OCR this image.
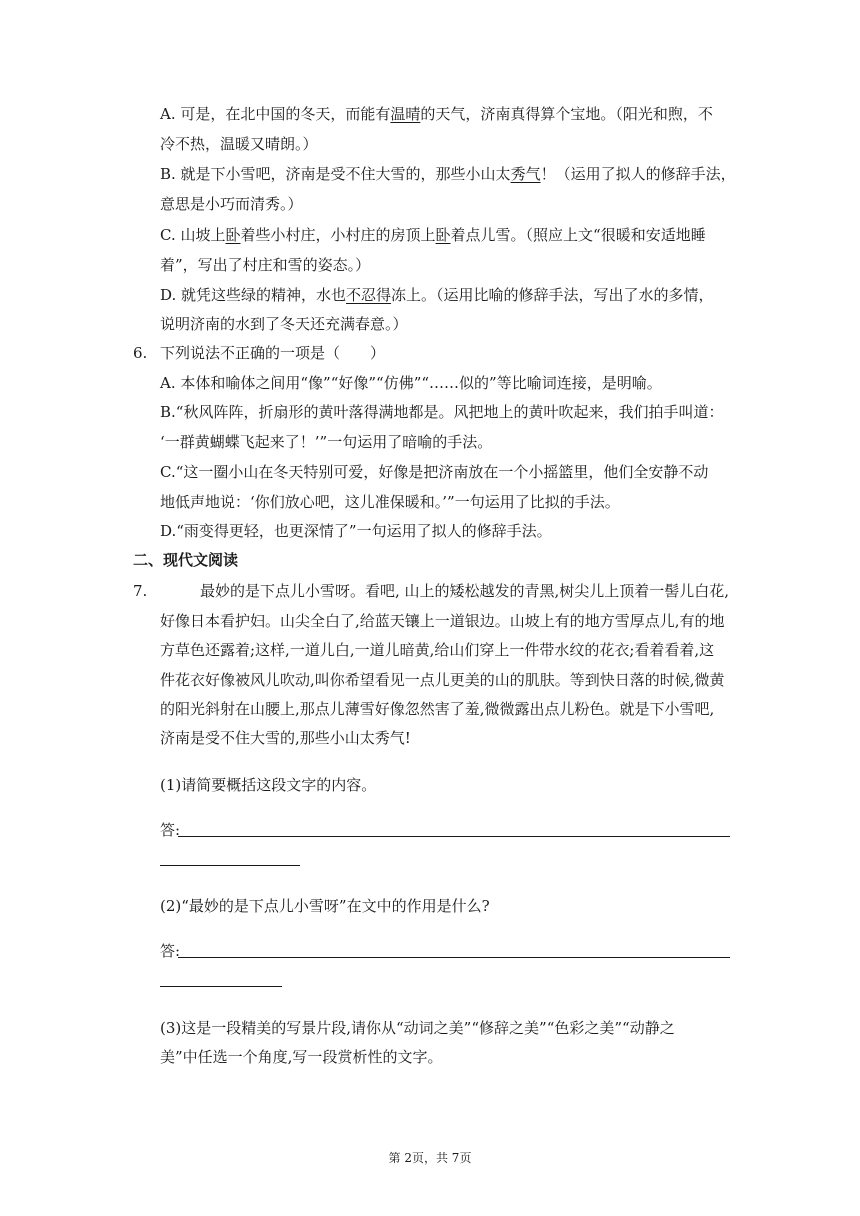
A. 可是，在北中国的冬天，而能有温晴的天气，济南真得算个宝地。（阳光和煦，不
冷不热，温暖又晴朗。）
B. 就是下小雪吧，济南是受不住大雪的，那些小山太秀气！（运用了拟人的修辞手法，
意思是小巧而清秀。）
C. 山坡上卧着些小村庄，小村庄的房顶上卧着点儿雪。（照应上文“很暖和安适地睡
着”，写出了村庄和雪的姿态。）
D. 就凭这些绿的精神，水也不忍得冻上。（运用比喻的修辞手法，写出了水的多情，
说明济南的水到了冬天还充满春意。）
6. 下列说法不正确的一项是（　　）
A. 本体和喻体之间用“像”“好像”“仿佛”“……似的”等比喻词连接，是明喻。
B.“秋风阵阵，折扇形的黄叶落得满地都是。风把地上的黄叶吹起来，我们拍手叫道：
‘一群黄蝴蝶飞起来了！’”一句运用了暗喻的手法。
C.“这一圈小山在冬天特别可爱，好像是把济南放在一个小摇篮里，他们全安静不动
地低声地说：‘你们放心吧，这儿准保暖和。’”一句运用了比拟的手法。
D.“雨变得更轻，也更深情了”一句运用了拟人的修辞手法。
二、现代文阅读
7.	最妙的是下点儿小雪呀。看吧, 山上的矮松越发的青黑,树尖儿上顶着一髻儿白花,
好像日本看护妇。山尖全白了,给蓝天镶上一道银边。山坡上有的地方雪厚点儿,有的地
方草色还露着;这样,一道儿白,一道儿暗黄,给山们穿上一件带水纹的花衣;看着看着,这
件花衣好像被风儿吹动,叫你希望看见一点儿更美的山的肌肤。等到快日落的时候,微黄
的阳光斜射在山腰上,那点儿薄雪好像忽然害了羞,微微露出点儿粉色。就是下小雪吧,
济南是受不住大雪的,那些小山太秀气!
(1)请简要概括这段文字的内容。
答:
(2)“最妙的是下点儿小雪呀”在文中的作用是什么?
答:
(3)这是一段精美的写景片段,请你从“动词之美”“修辞之美”“色彩之美”“动静之
美”中任选一个角度,写一段赏析性的文字。
第 2页，共 7页
